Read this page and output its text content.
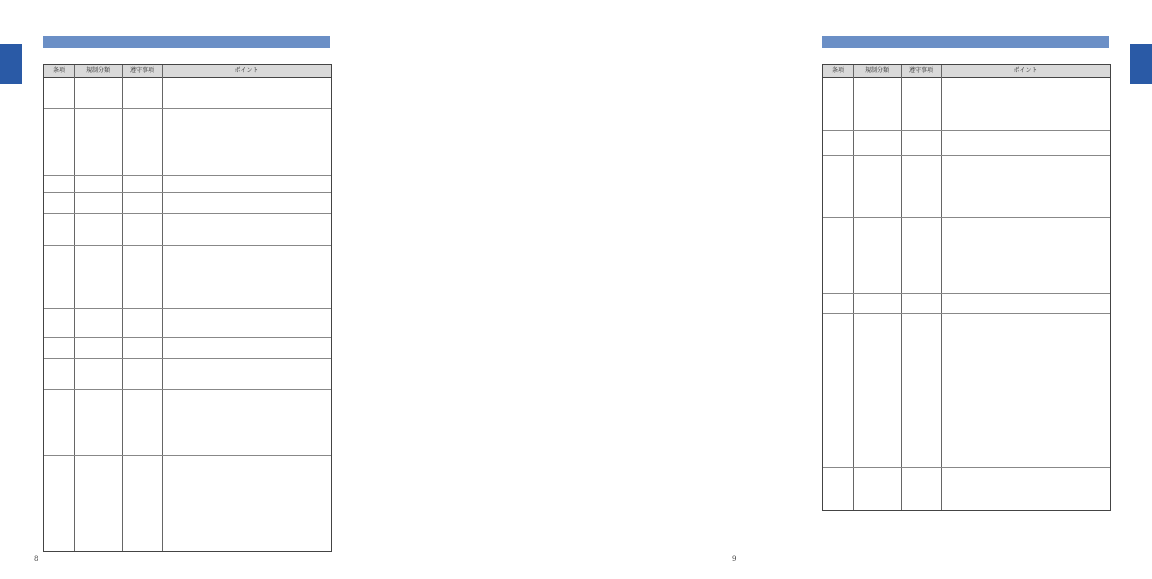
条項	規制分類	遵守事項	ポイント
8
条項	規制分類	遵守事項	ポイント
9
